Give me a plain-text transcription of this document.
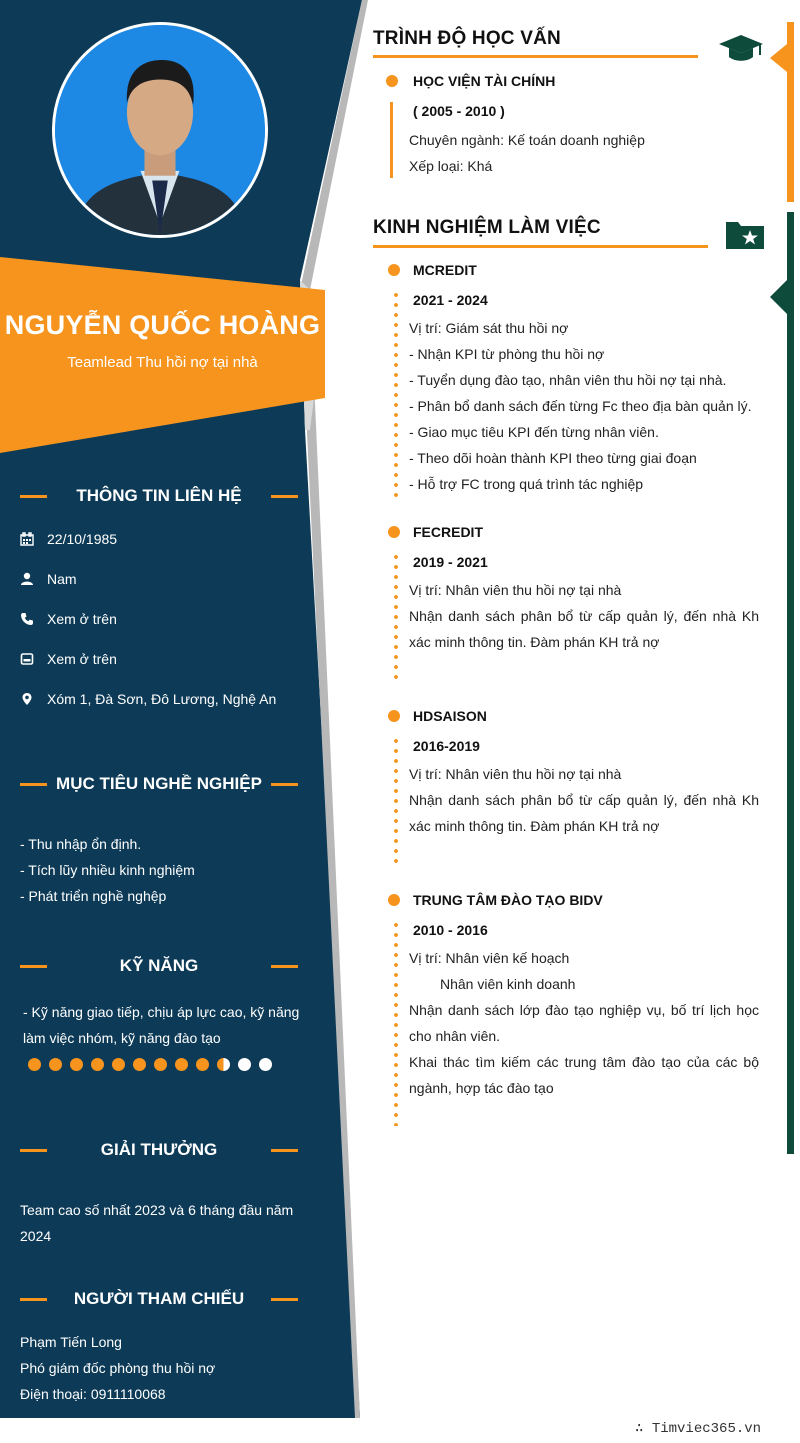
NGUYỄN QUỐC HOÀNG
Teamlead Thu hồi nợ tại nhà
THÔNG TIN LIÊN HỆ
22/10/1985
Nam
Xem ở trên
Xem ở trên
Xóm 1, Đà Sơn, Đô Lương, Nghệ An
MỤC TIÊU NGHỀ NGHIỆP
- Thu nhập ổn định.
- Tích lũy nhiều kinh nghiệm
- Phát triển nghề nghệp
KỸ NĂNG
- Kỹ năng giao tiếp, chịu áp lực cao, kỹ năng làm việc nhóm, kỹ năng đào tạo
GIẢI THƯỞNG
Team cao số nhất 2023 và 6 tháng đầu năm 2024
NGƯỜI THAM CHIẾU
Phạm Tiến Long
Phó giám đốc phòng thu hồi nợ
Điện thoại: 0911110068
TRÌNH ĐỘ HỌC VẤN
HỌC VIỆN TÀI CHÍNH
( 2005 - 2010 )
Chuyên ngành: Kế toán doanh nghiệp
Xếp loại: Khá
KINH NGHIỆM LÀM VIỆC
MCREDIT
2021 - 2024
Vị trí: Giám sát thu hồi nợ
- Nhận KPI từ phòng thu hồi nợ
- Tuyển dụng đào tạo, nhân viên thu hồi nợ tại nhà.
- Phân bổ danh sách đến từng Fc theo địa bàn quản lý.
- Giao mục tiêu KPI đến từng nhân viên.
- Theo dõi hoàn thành KPI theo từng giai đoạn
- Hỗ trợ FC trong quá trình tác nghiệp
FECREDIT
2019 - 2021
Vị trí: Nhân viên thu hồi nợ tại nhà
Nhận danh sách phân bổ từ cấp quản lý, đến nhà Kh xác minh thông tin. Đàm phán KH trả nợ
HDSAISON
2016-2019
Vị trí: Nhân viên thu hồi nợ tại nhà
Nhận danh sách phân bổ từ cấp quản lý, đến nhà Kh xác minh thông tin. Đàm phán KH trả nợ
TRUNG TÂM ĐÀO TẠO BIDV
2010 - 2016
Vị trí: Nhân viên kế hoạch
Nhân viên kinh doanh
Nhận danh sách lớp đào tạo nghiệp vụ, bố trí lịch học cho nhân viên.
Khai thác tìm kiếm các trung tâm đào tạo của các bộ ngành, hợp tác đào tạo
∴ Timviec365.vn
